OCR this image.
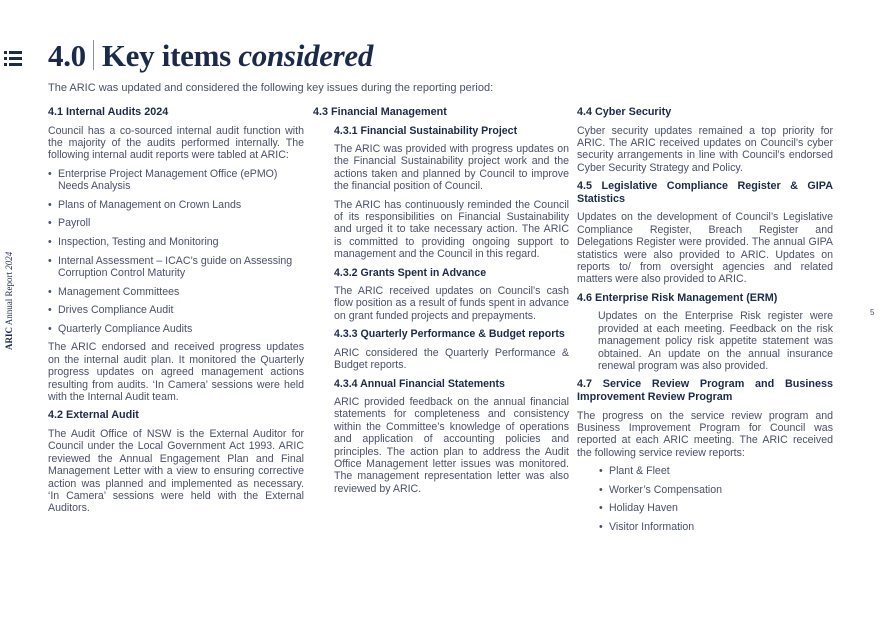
ARIC Annual Report 2024
5
4.0 Key items considered
The ARIC was updated and considered the following key issues during the reporting period:
4.1 Internal Audits 2024

Council has a co-sourced internal audit function with the majority of the audits performed internally. The following internal audit reports were tabled at ARIC:

• Enterprise Project Management Office (ePMO) Needs Analysis
• Plans of Management on Crown Lands
• Payroll
• Inspection, Testing and Monitoring
• Internal Assessment – ICAC’s guide on Assessing Corruption Control Maturity
• Management Committees
• Drives Compliance Audit
• Quarterly Compliance Audits

The ARIC endorsed and received progress updates on the internal audit plan. It monitored the Quarterly progress updates on agreed management actions resulting from audits. ‘In Camera’ sessions were held with the Internal Audit team.

4.2 External Audit

The Audit Office of NSW is the External Auditor for Council under the Local Government Act 1993. ARIC reviewed the Annual Engagement Plan and Final Management Letter with a view to ensuring corrective action was planned and implemented as necessary. ‘In Camera’ sessions were held with the External Auditors.

4.3 Financial Management
4.3.1 Financial Sustainability Project

The ARIC was provided with progress updates on the Financial Sustainability project work and the actions taken and planned by Council to improve the financial position of Council.

The ARIC has continuously reminded the Council of its responsibilities on Financial Sustainability and urged it to take necessary action. The ARIC is committed to providing ongoing support to management and the Council in this regard.

4.3.2 Grants Spent in Advance

The ARIC received updates on Council’s cash flow position as a result of funds spent in advance on grant funded projects and prepayments.

4.3.3 Quarterly Performance & Budget reports

ARIC considered the Quarterly Performance & Budget reports.

4.3.4 Annual Financial Statements

ARIC provided feedback on the annual financial statements for completeness and consistency within the Committee’s knowledge of operations and application of accounting policies and principles. The action plan to address the Audit Office Management letter issues was monitored. The management representation letter was also reviewed by ARIC.

4.4 Cyber Security

Cyber security updates remained a top priority for ARIC. The ARIC received updates on Council’s cyber security arrangements in line with Council’s endorsed Cyber Security Strategy and Policy.

4.5 Legislative Compliance Register & GIPA Statistics

Updates on the development of Council’s Legislative Compliance Register, Breach Register and Delegations Register were provided. The annual GIPA statistics were also provided to ARIC. Updates on reports to/ from oversight agencies and related matters were also provided to ARIC.

4.6 Enterprise Risk Management (ERM)

Updates on the Enterprise Risk register were provided at each meeting. Feedback on the risk management policy risk appetite statement was obtained. An update on the annual insurance renewal program was also provided.

4.7 Service Review Program and Business Improvement Review Program

The progress on the service review program and Business Improvement Program for Council was reported at each ARIC meeting. The ARIC received the following service review reports:

• Plant & Fleet
• Worker’s Compensation
• Holiday Haven
• Visitor Information
